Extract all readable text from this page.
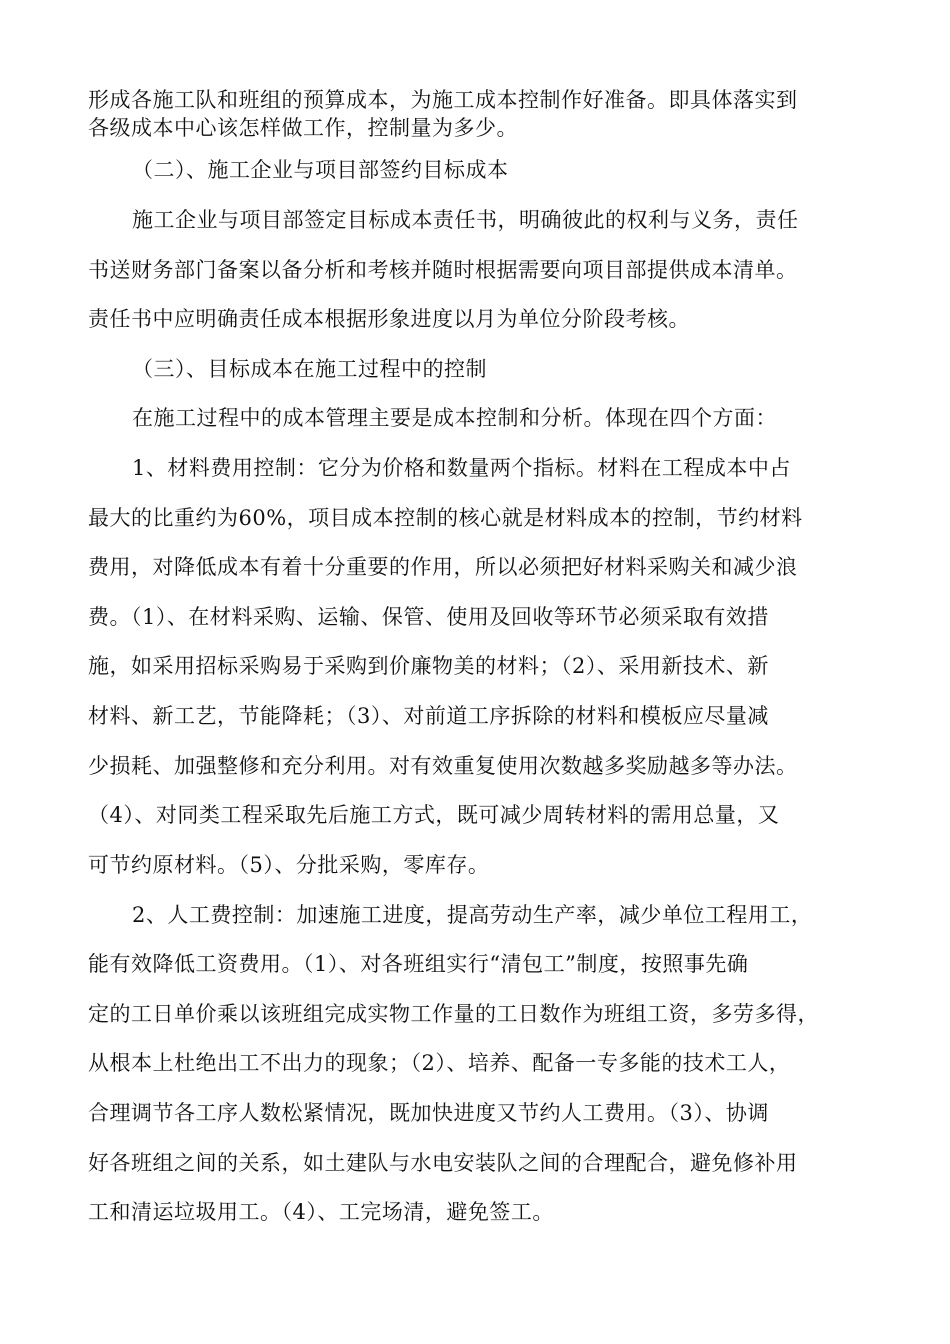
形成各施工队和班组的预算成本，为施工成本控制作好准备。即具体落实到
各级成本中心该怎样做工作，控制量为多少。
（二）、施工企业与项目部签约目标成本
施工企业与项目部签定目标成本责任书，明确彼此的权利与义务，责任
书送财务部门备案以备分析和考核并随时根据需要向项目部提供成本清单。
责任书中应明确责任成本根据形象进度以月为单位分阶段考核。
（三）、目标成本在施工过程中的控制
在施工过程中的成本管理主要是成本控制和分析。体现在四个方面：
1、材料费用控制：它分为价格和数量两个指标。材料在工程成本中占
最大的比重约为60%，项目成本控制的核心就是材料成本的控制，节约材料
费用，对降低成本有着十分重要的作用，所以必须把好材料采购关和减少浪
费。（1）、在材料采购、运输、保管、使用及回收等环节必须采取有效措
施，如采用招标采购易于采购到价廉物美的材料；（2）、采用新技术、新
材料、新工艺，节能降耗；（3）、对前道工序拆除的材料和模板应尽量减
少损耗、加强整修和充分利用。对有效重复使用次数越多奖励越多等办法。
（4）、对同类工程采取先后施工方式，既可减少周转材料的需用总量，又
可节约原材料。（5）、分批采购，零库存。
2、人工费控制：加速施工进度，提高劳动生产率，减少单位工程用工，
能有效降低工资费用。（1）、对各班组实行“清包工”制度，按照事先确
定的工日单价乘以该班组完成实物工作量的工日数作为班组工资，多劳多得，
从根本上杜绝出工不出力的现象；（2）、培养、配备一专多能的技术工人，
合理调节各工序人数松紧情况，既加快进度又节约人工费用。（3）、协调
好各班组之间的关系，如土建队与水电安装队之间的合理配合，避免修补用
工和清运垃圾用工。（4）、工完场清，避免签工。
